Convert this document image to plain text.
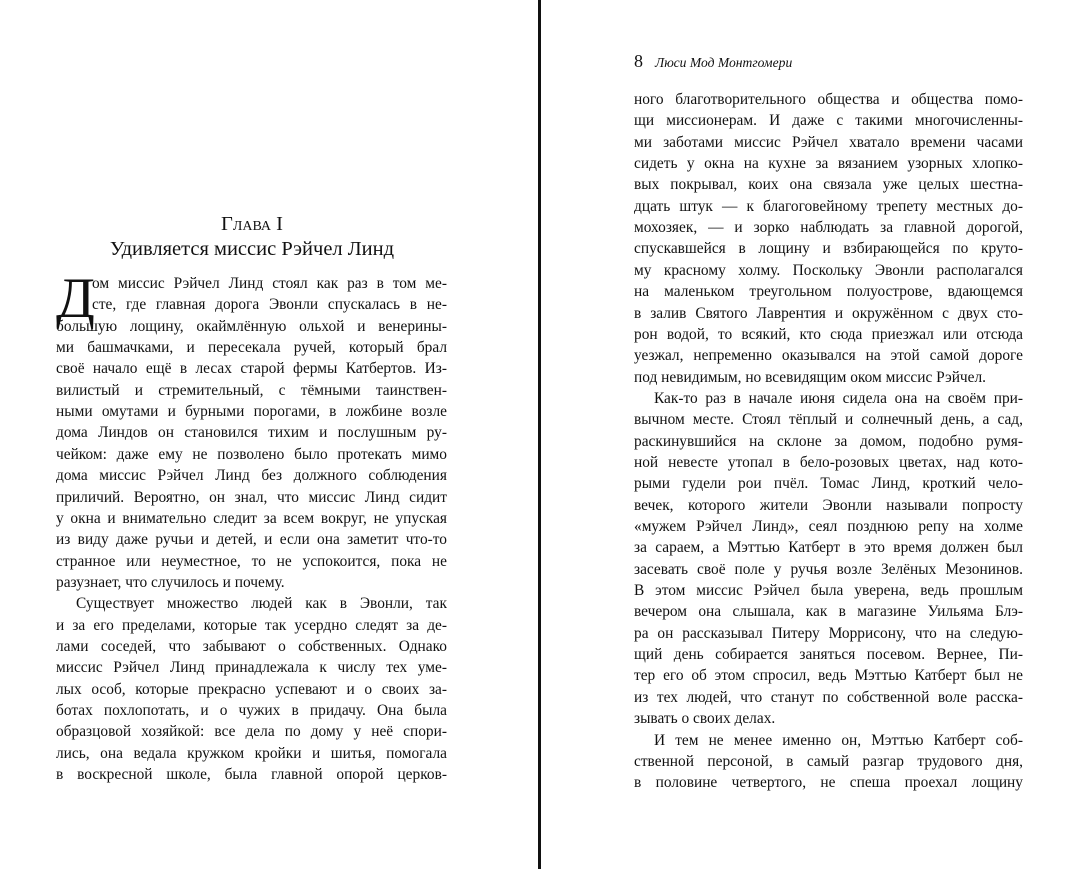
Глава I
Удивляется миссис Рэйчел Линд
Д
ом миссис Рэйчел Линд стоял как раз в том ме-
сте, где главная дорога Эвонли спускалась в не-
большую лощину, окаймлённую ольхой и венерины-
ми башмачками, и пересекала ручей, который брал
своё начало ещё в лесах старой фермы Катбертов. Из-
вилистый и стремительный, с тёмными таинствен-
ными омутами и бурными порогами, в ложбине возле
дома Линдов он становился тихим и послушным ру-
чейком: даже ему не позволено было протекать мимо
дома миссис Рэйчел Линд без должного соблюдения
приличий. Вероятно, он знал, что миссис Линд сидит
у окна и внимательно следит за всем вокруг, не упуская
из виду даже ручьи и детей, и если она заметит что-то
странное или неуместное, то не успокоится, пока не
разузнает, что случилось и почему.
Существует множество людей как в Эвонли, так
и за его пределами, которые так усердно следят за де-
лами соседей, что забывают о собственных. Однако
миссис Рэйчел Линд принадлежала к числу тех уме-
лых особ, которые прекрасно успевают и о своих за-
ботах похлопотать, и о чужих в придачу. Она была
образцовой хозяйкой: все дела по дому у неё спори-
лись, она ведала кружком кройки и шитья, помогала
в воскресной школе, была главной опорой церков-
8 Люси Мод Монтгомери
ного благотворительного общества и общества помо-
щи миссионерам. И даже с такими многочисленны-
ми заботами миссис Рэйчел хватало времени часами
сидеть у окна на кухне за вязанием узорных хлопко-
вых покрывал, коих она связала уже целых шестна-
дцать штук — к благоговейному трепету местных до-
мохозяек, — и зорко наблюдать за главной дорогой,
спускавшейся в лощину и взбирающейся по круто-
му красному холму. Поскольку Эвонли располагался
на маленьком треугольном полуострове, вдающемся
в залив Святого Лаврентия и окружённом с двух сто-
рон водой, то всякий, кто сюда приезжал или отсюда
уезжал, непременно оказывался на этой самой дороге
под невидимым, но всевидящим оком миссис Рэйчел.
Как-то раз в начале июня сидела она на своём при-
вычном месте. Стоял тёплый и солнечный день, а сад,
раскинувшийся на склоне за домом, подобно румя-
ной невесте утопал в бело-розовых цветах, над кото-
рыми гудели рои пчёл. Томас Линд, кроткий чело-
вечек, которого жители Эвонли называли попросту
«мужем Рэйчел Линд», сеял позднюю репу на холме
за сараем, а Мэттью Катберт в это время должен был
засевать своё поле у ручья возле Зелёных Мезонинов.
В этом миссис Рэйчел была уверена, ведь прошлым
вечером она слышала, как в магазине Уильяма Блэ-
ра он рассказывал Питеру Моррисону, что на следую-
щий день собирается заняться посевом. Вернее, Пи-
тер его об этом спросил, ведь Мэттью Катберт был не
из тех людей, что станут по собственной воле расска-
зывать о своих делах.
И тем не менее именно он, Мэттью Катберт соб-
ственной персоной, в самый разгар трудового дня,
в половине четвертого, не спеша проехал лощину
